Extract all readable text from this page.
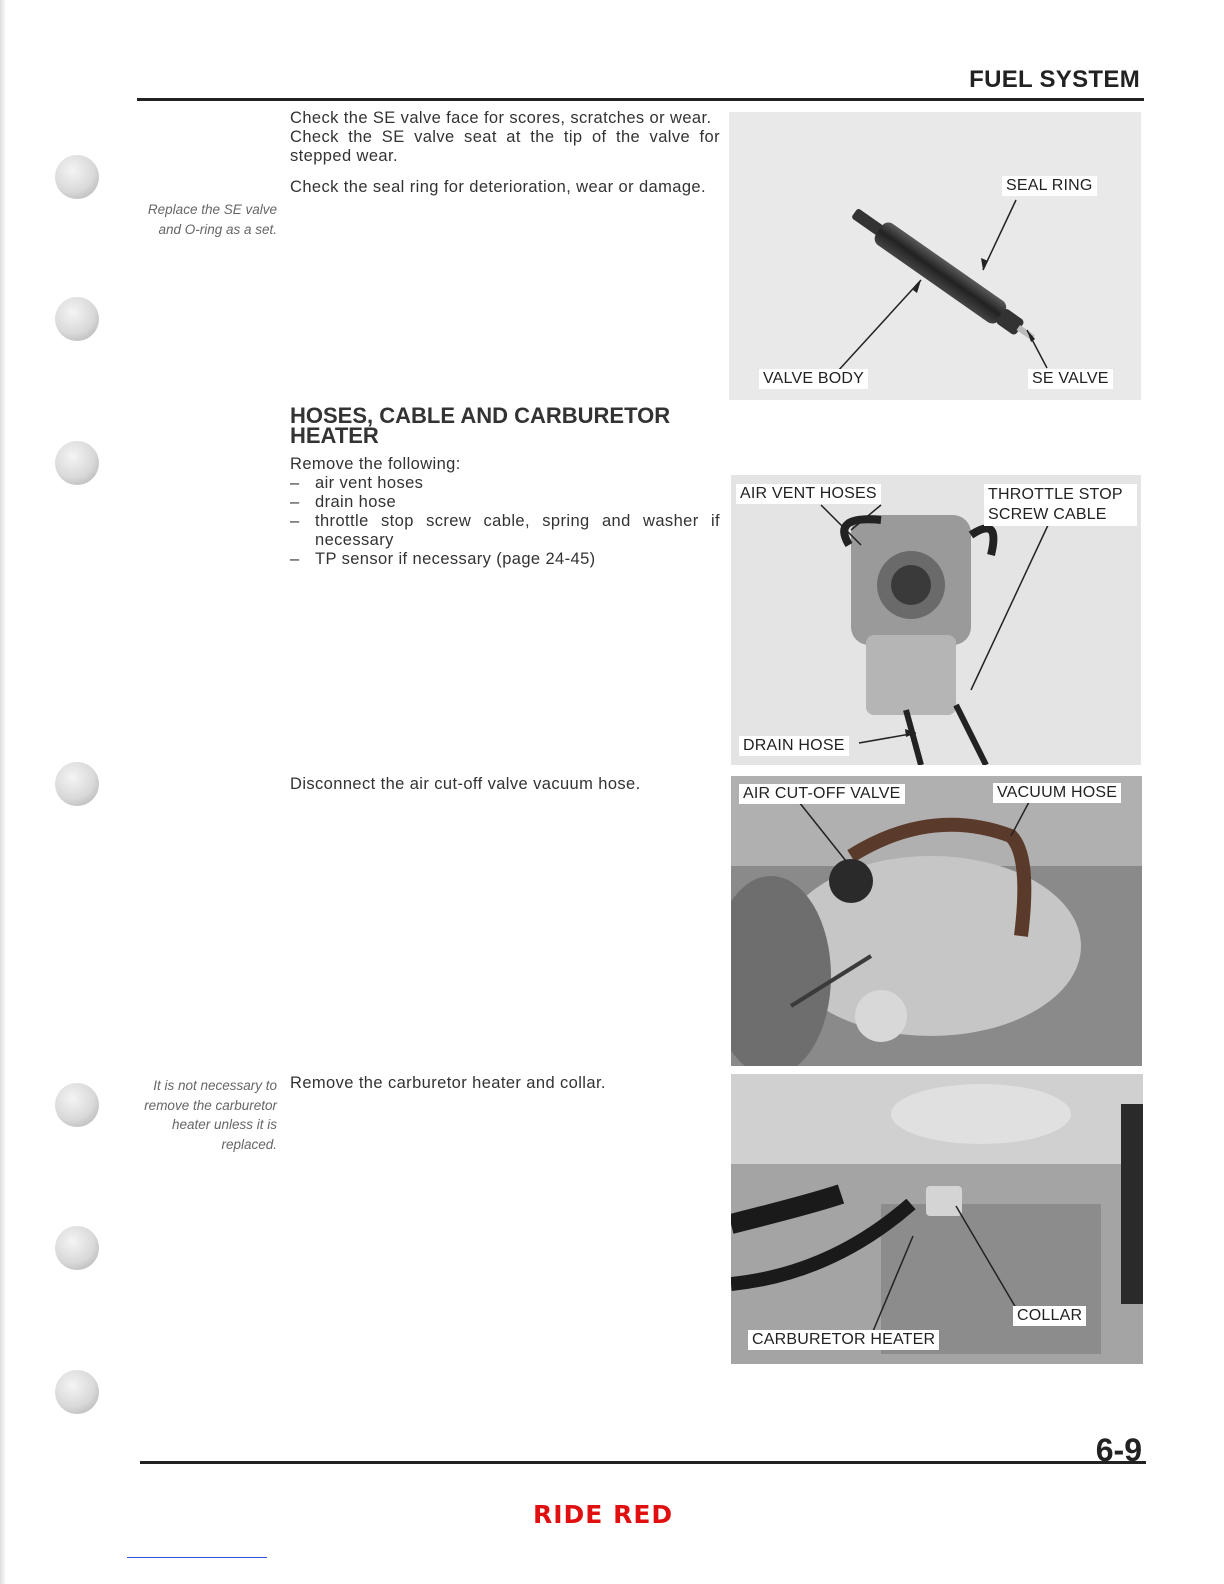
FUEL SYSTEM

Check the SE valve face for scores, scratches or wear.

Check the SE valve seat at the tip of the valve for stepped wear.

Check the seal ring for deterioration, wear or damage.

Replace the SE valve and O-ring as a set.
HOSES, CABLE AND CARBURETOR
HEATER

Remove the following:

– air vent hoses
– drain hose
– throttle stop screw cable, spring and washer if necessary
– TP sensor if necessary (page 24-45)

Disconnect the air cut-off valve vacuum hose.

Remove the carburetor heater and collar.

It is not necessary to remove the carburetor heater unless it is replaced.
SEAL RING
VALVE BODY	SE VALVE
AIR VENT HOSES	THROTTLE STOP SCREW CABLE
DRAIN HOSE
AIR CUT-OFF VALVE	VACUUM HOSE
COLLAR
CARBURETOR HEATER
6-9
RIDE RED
